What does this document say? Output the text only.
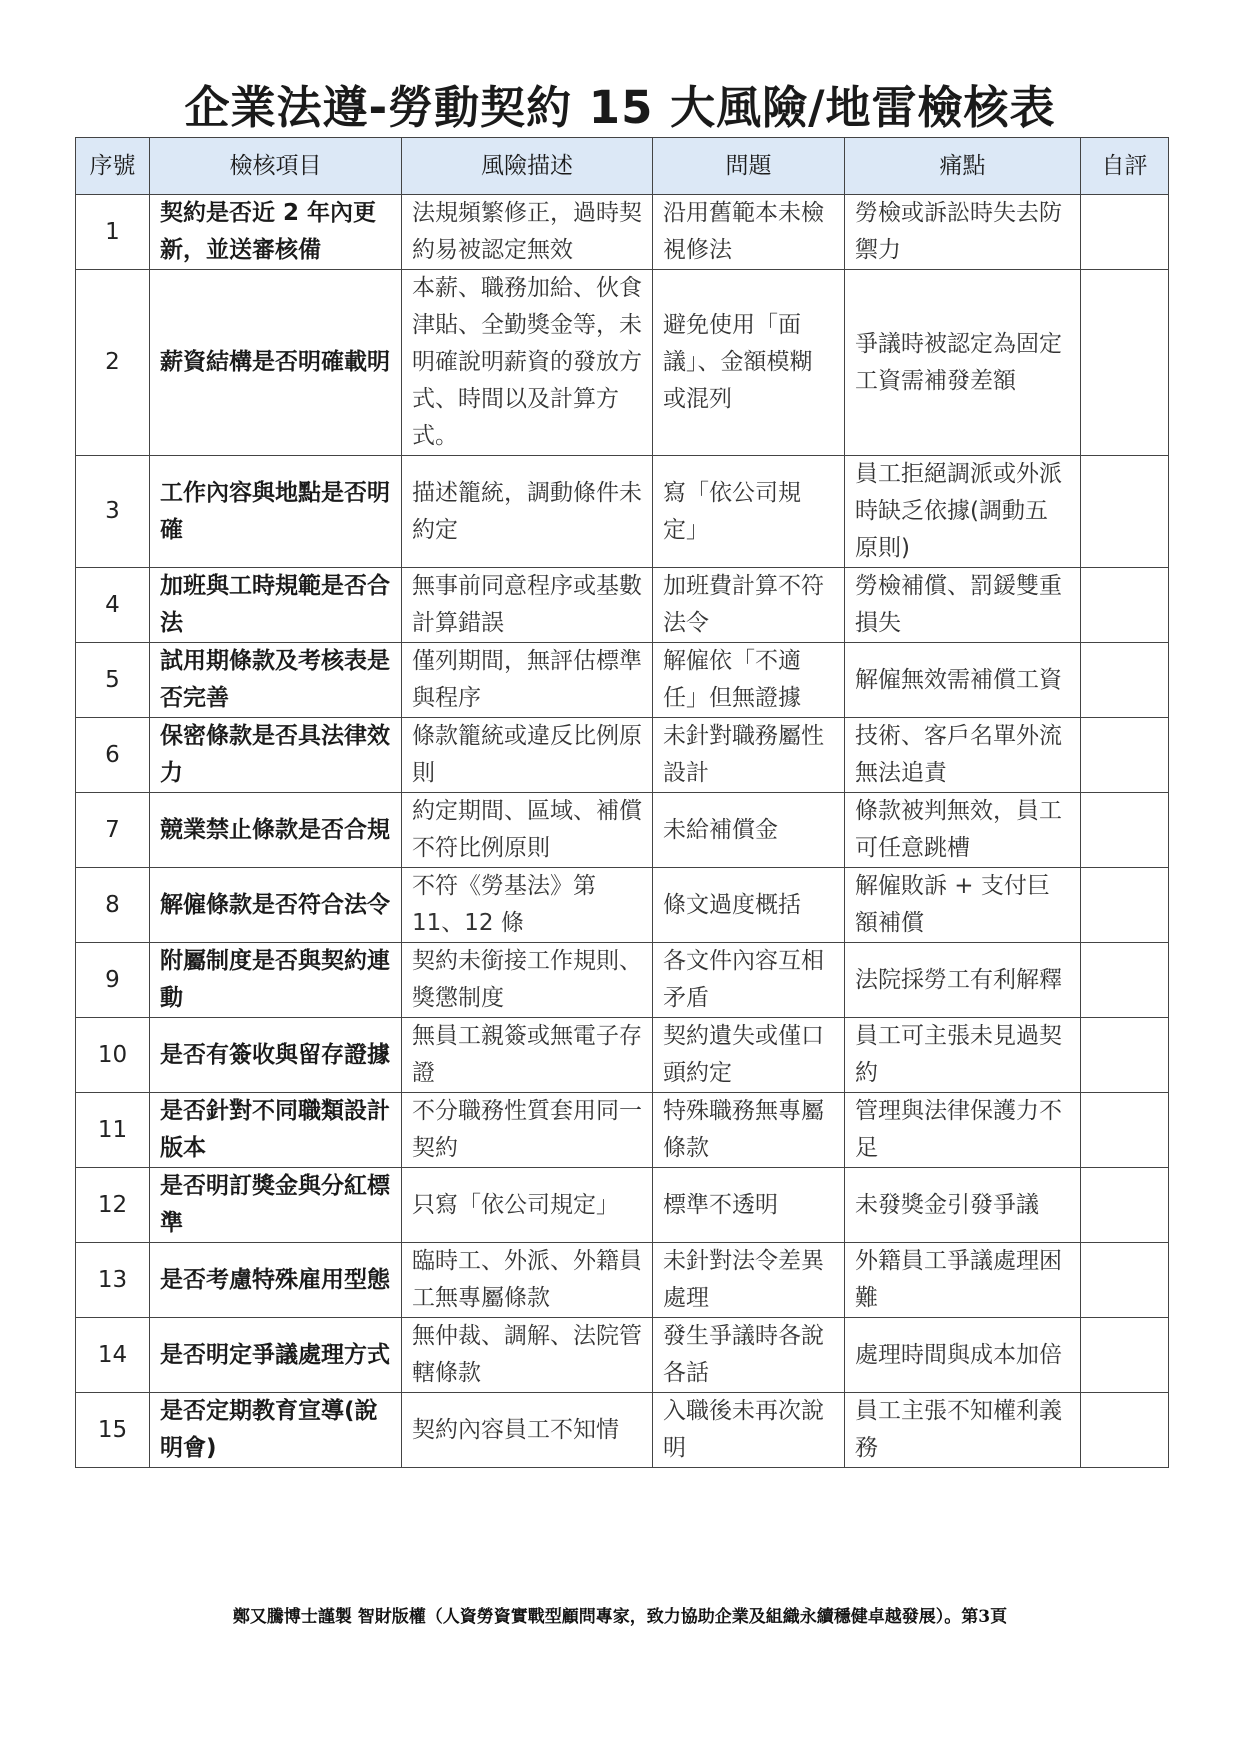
企業法遵-勞動契約 15 大風險/地雷檢核表
序號	檢核項目	風險描述	問題	痛點	自評
1	契約是否近 2 年內更新，並送審核備	法規頻繁修正，過時契約易被認定無效	沿用舊範本未檢視修法	勞檢或訴訟時失去防禦力	
2	薪資結構是否明確載明	本薪、職務加給、伙食津貼、全勤獎金等，未明確說明薪資的發放方式、時間以及計算方式。	避免使用「面議」、金額模糊或混列	爭議時被認定為固定工資需補發差額	
3	工作內容與地點是否明確	描述籠統，調動條件未約定	寫「依公司規定」	員工拒絕調派或外派時缺乏依據(調動五原則)	
4	加班與工時規範是否合法	無事前同意程序或基數計算錯誤	加班費計算不符法令	勞檢補償、罰鍰雙重損失	
5	試用期條款及考核表是否完善	僅列期間，無評估標準與程序	解僱依「不適任」但無證據	解僱無效需補償工資	
6	保密條款是否具法律效力	條款籠統或違反比例原則	未針對職務屬性設計	技術、客戶名單外流無法追責	
7	競業禁止條款是否合規	約定期間、區域、補償不符比例原則	未給補償金	條款被判無效，員工可任意跳槽	
8	解僱條款是否符合法令	不符《勞基法》第 11、12 條	條文過度概括	解僱敗訴 + 支付巨額補償	
9	附屬制度是否與契約連動	契約未銜接工作規則、獎懲制度	各文件內容互相矛盾	法院採勞工有利解釋	
10	是否有簽收與留存證據	無員工親簽或無電子存證	契約遺失或僅口頭約定	員工可主張未見過契約	
11	是否針對不同職類設計版本	不分職務性質套用同一契約	特殊職務無專屬條款	管理與法律保護力不足	
12	是否明訂獎金與分紅標準	只寫「依公司規定」	標準不透明	未發獎金引發爭議	
13	是否考慮特殊雇用型態	臨時工、外派、外籍員工無專屬條款	未針對法令差異處理	外籍員工爭議處理困難	
14	是否明定爭議處理方式	無仲裁、調解、法院管轄條款	發生爭議時各說各話	處理時間與成本加倍	
15	是否定期教育宣導(說明會)	契約內容員工不知情	入職後未再次說明	員工主張不知權利義務	
鄭又騰博士謹製 智財版權（人資勞資實戰型顧問專家，致力協助企業及組織永續穩健卓越發展）。第3頁
